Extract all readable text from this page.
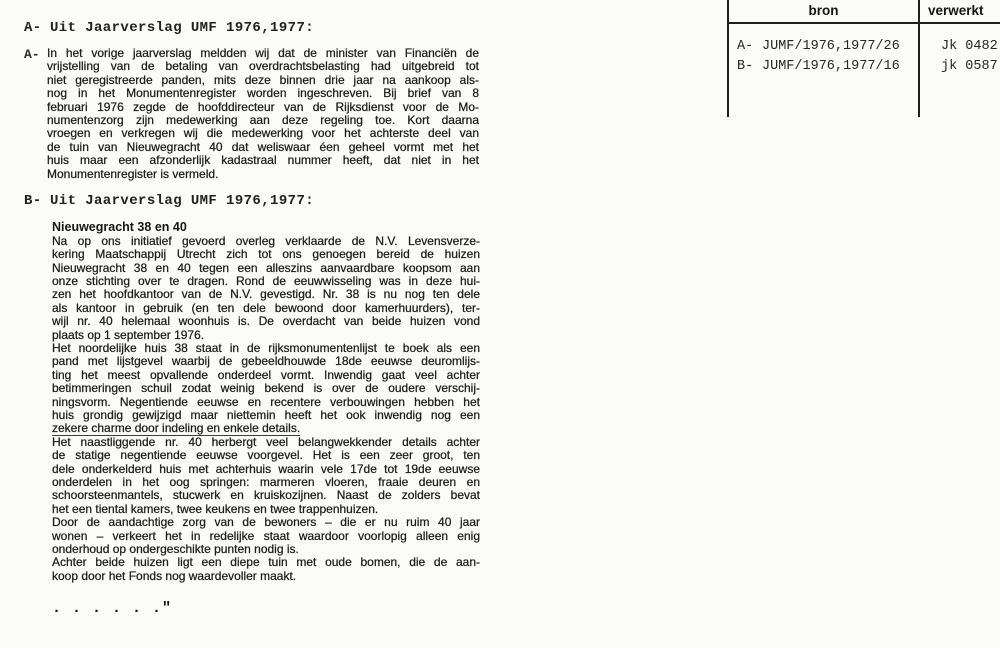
A- Uit Jaarverslag UMF 1976,1977:
A- In het vorige jaarverslag meldden wij dat de minister van Financiën de
vrijstelling van de betaling van overdrachtsbelasting had uitgebreid tot
niet geregistreerde panden, mits deze binnen drie jaar na aankoop als-
nog in het Monumentenregister worden ingeschreven. Bij brief van 8
februari 1976 zegde de hoofddirecteur van de Rijksdienst voor de Mo-
numentenzorg zijn medewerking aan deze regeling toe. Kort daarna
vroegen en verkregen wij die medewerking voor het achterste deel van
de tuin van Nieuwegracht 40 dat weliswaar éen geheel vormt met het
huis maar een afzonderlijk kadastraal nummer heeft, dat niet in het
Monumentenregister is vermeld.
B- Uit Jaarverslag UMF 1976,1977:
Nieuwegracht 38 en 40
Na op ons initiatief gevoerd overleg verklaarde de N.V. Levensverze-
kering Maatschappij Utrecht zich tot ons genoegen bereid de huizen
Nieuwegracht 38 en 40 tegen een alleszins aanvaardbare koopsom aan
onze stichting over te dragen. Rond de eeuwwisseling was in deze hui-
zen het hoofdkantoor van de N.V. gevestigd. Nr. 38 is nu nog ten dele
als kantoor in gebruik (en ten dele bewoond door kamerhuurders), ter-
wijl nr. 40 helemaal woonhuis is. De overdacht van beide huizen vond
plaats op 1 september 1976.
Het noordelijke huis 38 staat in de rijksmonumentenlijst te boek als een
pand met lijstgevel waarbij de gebeeldhouwde 18de eeuwse deuromlijs-
ting het meest opvallende onderdeel vormt. Inwendig gaat veel achter
betimmeringen schuil zodat weinig bekend is over de oudere verschij-
ningsvorm. Negentiende eeuwse en recentere verbouwingen hebben het
huis grondig gewijzigd maar niettemin heeft het ook inwendig nog een
zekere charme door indeling en enkele details.
Het naastliggende nr. 40 herbergt veel belangwekkender details achter
de statige negentiende eeuwse voorgevel. Het is een zeer groot, ten
dele onderkelderd huis met achterhuis waarin vele 17de tot 19de eeuwse
onderdelen in het oog springen: marmeren vloeren, fraaie deuren en
schoorsteenmantels, stucwerk en kruiskozijnen. Naast de zolders bevat
het een tiental kamers, twee keukens en twee trappenhuizen.
Door de aandachtige zorg van de bewoners – die er nu ruim 40 jaar
wonen – verkeert het in redelijke staat waardoor voorlopig alleen enig
onderhoud op ondergeschikte punten nodig is.
Achter beide huizen ligt een diepe tuin met oude bomen, die de aan-
koop door het Fonds nog waardevoller maakt.
. . . . . ."
bron	verwerkt
A- JUMF/1976,1977/26	Jk 0482
B- JUMF/1976,1977/16	jk 0587
